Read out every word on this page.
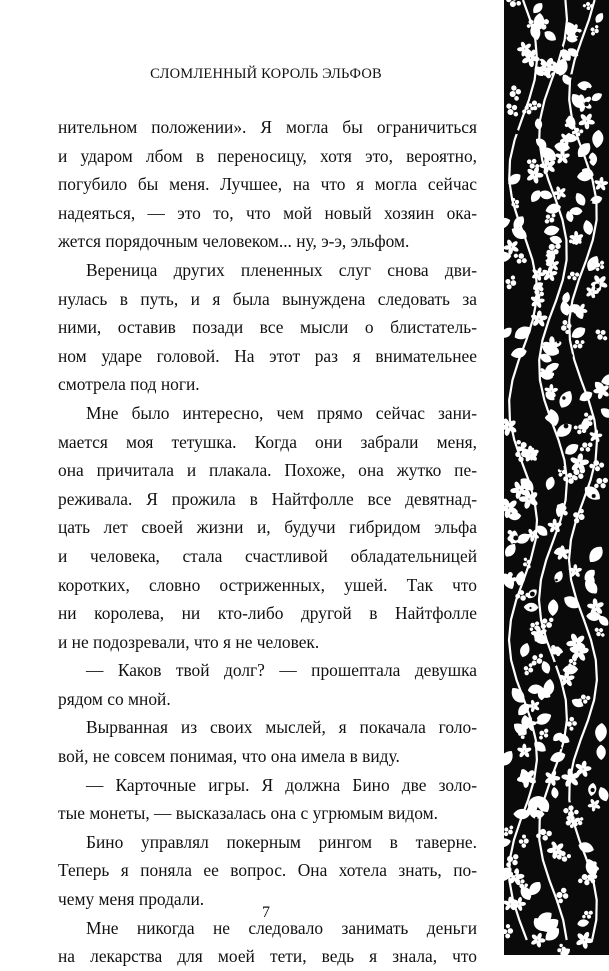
СЛОМЛЕННЫЙ КОРОЛЬ ЭЛЬФОВ
нительном положении». Я могла бы ограничиться
и ударом лбом в переносицу, хотя это, вероятно,
погубило бы меня. Лучшее, на что я могла сейчас
надеяться, — это то, что мой новый хозяин ока-
жется порядочным человеком... ну, э-э, эльфом.
Вереница других плененных слуг снова дви-
нулась в путь, и я была вынуждена следовать за
ними, оставив позади все мысли о блистатель-
ном ударе головой. На этот раз я внимательнее
смотрела под ноги.
Мне было интересно, чем прямо сейчас зани-
мается моя тетушка. Когда они забрали меня,
она причитала и плакала. Похоже, она жутко пе-
реживала. Я прожила в Найтфолле все девятнад-
цать лет своей жизни и, будучи гибридом эльфа
и человека, стала счастливой обладательницей
коротких, словно остриженных, ушей. Так что
ни королева, ни кто-либо другой в Найтфолле
и не подозревали, что я не человек.
— Каков твой долг? — прошептала девушка
рядом со мной.
Вырванная из своих мыслей, я покачала голо-
вой, не совсем понимая, что она имела в виду.
— Карточные игры. Я должна Бино две золо-
тые монеты, — высказалась она с угрюмым видом.
Бино управлял покерным рингом в таверне.
Теперь я поняла ее вопрос. Она хотела знать, по-
чему меня продали.
Мне никогда не следовало занимать деньги
на лекарства для моей тети, ведь я знала, что
7
